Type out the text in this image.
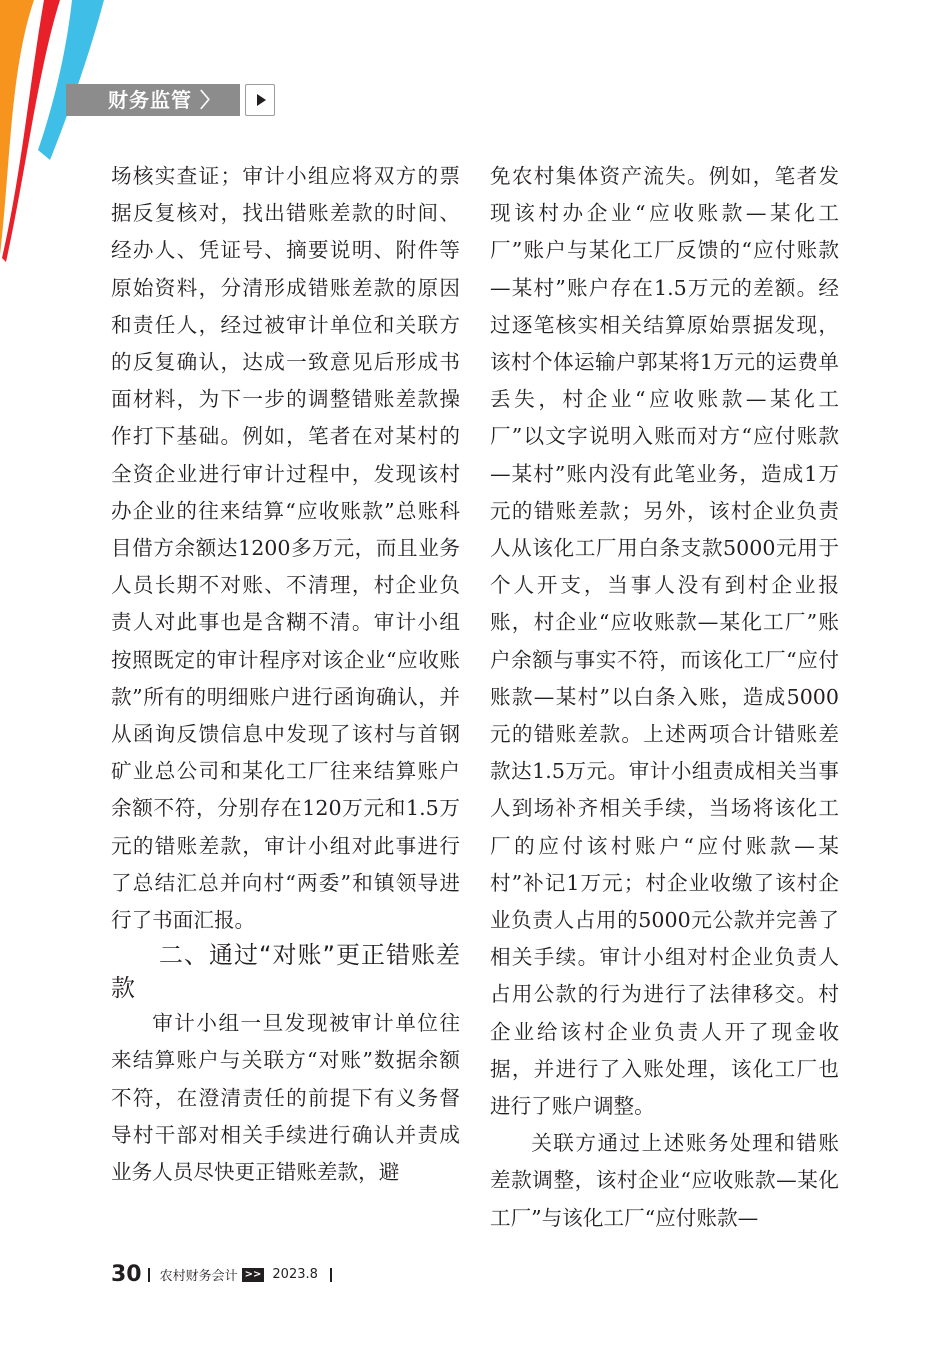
财务监管 〉

场核实查证；审计小组应将双方的票据反复核对，找出错账差款的时间、经办人、凭证号、摘要说明、附件等原始资料，分清形成错账差款的原因和责任人，经过被审计单位和关联方的反复确认，达成一致意见后形成书面材料，为下一步的调整错账差款操作打下基础。例如，笔者在对某村的全资企业进行审计过程中，发现该村办企业的往来结算“应收账款”总账科目借方余额达1200多万元，而且业务人员长期不对账、不清理，村企业负责人对此事也是含糊不清。审计小组按照既定的审计程序对该企业“应收账款”所有的明细账户进行函询确认，并从函询反馈信息中发现了该村与首钢矿业总公司和某化工厂往来结算账户余额不符，分别存在120万元和1.5万元的错账差款，审计小组对此事进行了总结汇总并向村“两委”和镇领导进行了书面汇报。

二、通过“对账”更正错账差款

审计小组一旦发现被审计单位往来结算账户与关联方“对账”数据余额不符，在澄清责任的前提下有义务督导村干部对相关手续进行确认并责成业务人员尽快更正错账差款，避

免农村集体资产流失。例如，笔者发现该村办企业“应收账款—某化工厂”账户与某化工厂反馈的“应付账款—某村”账户存在1.5万元的差额。经过逐笔核实相关结算原始票据发现，该村个体运输户郭某将1万元的运费单丢失，村企业“应收账款—某化工厂”以文字说明入账而对方“应付账款—某村”账内没有此笔业务，造成1万元的错账差款；另外，该村企业负责人从该化工厂用白条支款5000元用于个人开支，当事人没有到村企业报账，村企业“应收账款—某化工厂”账户余额与事实不符，而该化工厂“应付账款—某村”以白条入账，造成5000元的错账差款。上述两项合计错账差款达1.5万元。审计小组责成相关当事人到场补齐相关手续，当场将该化工厂的应付该村账户“应付账款—某村”补记1万元；村企业收缴了该村企业负责人占用的5000元公款并完善了相关手续。审计小组对村企业负责人占用公款的行为进行了法律移交。村企业给该村企业负责人开了现金收据，并进行了入账处理，该化工厂也进行了账户调整。

关联方通过上述账务处理和错账差款调整，该村企业“应收账款—某化工厂”与该化工厂“应付账款—

30 农村财务会计 >> 2023.8
